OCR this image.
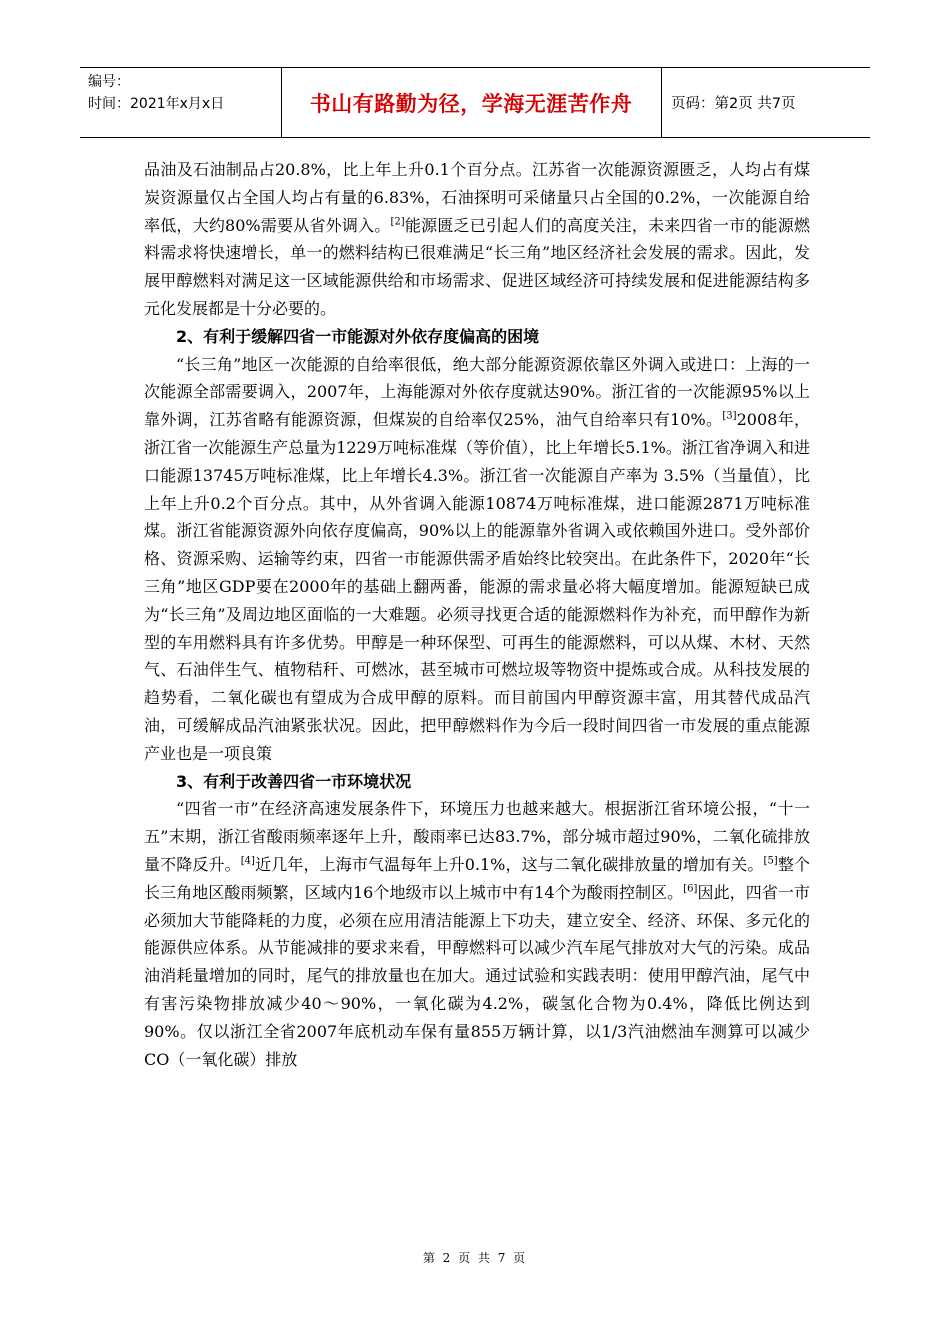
编号：
时间：2021年x月x日	书山有路勤为径，学海无涯苦作舟	页码：第2页 共7页

品油及石油制品占20.8%，比上年上升0.1个百分点。江苏省一次能源资源匮乏，人均占有煤炭资源量仅占全国人均占有量的6.83%，石油探明可采储量只占全国的0.2%，一次能源自给率低，大约80%需要从省外调入。[2]能源匮乏已引起人们的高度关注，未来四省一市的能源燃料需求将快速增长，单一的燃料结构已很难满足“长三角”地区经济社会发展的需求。因此，发展甲醇燃料对满足这一区域能源供给和市场需求、促进区域经济可持续发展和促进能源结构多元化发展都是十分必要的。

2、有利于缓解四省一市能源对外依存度偏高的困境

“长三角”地区一次能源的自给率很低，绝大部分能源资源依靠区外调入或进口：上海的一次能源全部需要调入，2007年，上海能源对外依存度就达90%。浙江省的一次能源95%以上靠外调，江苏省略有能源资源，但煤炭的自给率仅25%，油气自给率只有10%。[3]2008年，浙江省一次能源生产总量为1229万吨标准煤（等价值），比上年增长5.1%。浙江省净调入和进口能源13745万吨标准煤，比上年增长4.3%。浙江省一次能源自产率为 3.5%（当量值），比上年上升0.2个百分点。其中，从外省调入能源10874万吨标准煤，进口能源2871万吨标准煤。浙江省能源资源外向依存度偏高，90%以上的能源靠外省调入或依赖国外进口。受外部价格、资源采购、运输等约束，四省一市能源供需矛盾始终比较突出。在此条件下，2020年“长三角”地区GDP要在2000年的基础上翻两番，能源的需求量必将大幅度增加。能源短缺已成为“长三角”及周边地区面临的一大难题。必须寻找更合适的能源燃料作为补充，而甲醇作为新型的车用燃料具有许多优势。甲醇是一种环保型、可再生的能源燃料，可以从煤、木材、天然气、石油伴生气、植物秸秆、可燃冰，甚至城市可燃垃圾等物资中提炼或合成。从科技发展的趋势看，二氧化碳也有望成为合成甲醇的原料。而目前国内甲醇资源丰富，用其替代成品汽油，可缓解成品汽油紧张状况。因此，把甲醇燃料作为今后一段时间四省一市发展的重点能源产业也是一项良策

3、有利于改善四省一市环境状况

“四省一市”在经济高速发展条件下，环境压力也越来越大。根据浙江省环境公报，“十一五”末期，浙江省酸雨频率逐年上升，酸雨率已达83.7%，部分城市超过90%，二氧化硫排放量不降反升。[4]近几年，上海市气温每年上升0.1%，这与二氧化碳排放量的增加有关。[5]整个长三角地区酸雨频繁，区域内16个地级市以上城市中有14个为酸雨控制区。[6]因此，四省一市必须加大节能降耗的力度，必须在应用清洁能源上下功夫，建立安全、经济、环保、多元化的能源供应体系。从节能减排的要求来看，甲醇燃料可以减少汽车尾气排放对大气的污染。成品油消耗量增加的同时，尾气的排放量也在加大。通过试验和实践表明：使用甲醇汽油，尾气中有害污染物排放减少40～90%，一氧化碳为4.2%，碳氢化合物为0.4%，降低比例达到90%。仅以浙江全省2007年底机动车保有量855万辆计算，以1/3汽油燃油车测算可以减少CO（一氧化碳）排放

第 2 页 共 7 页
